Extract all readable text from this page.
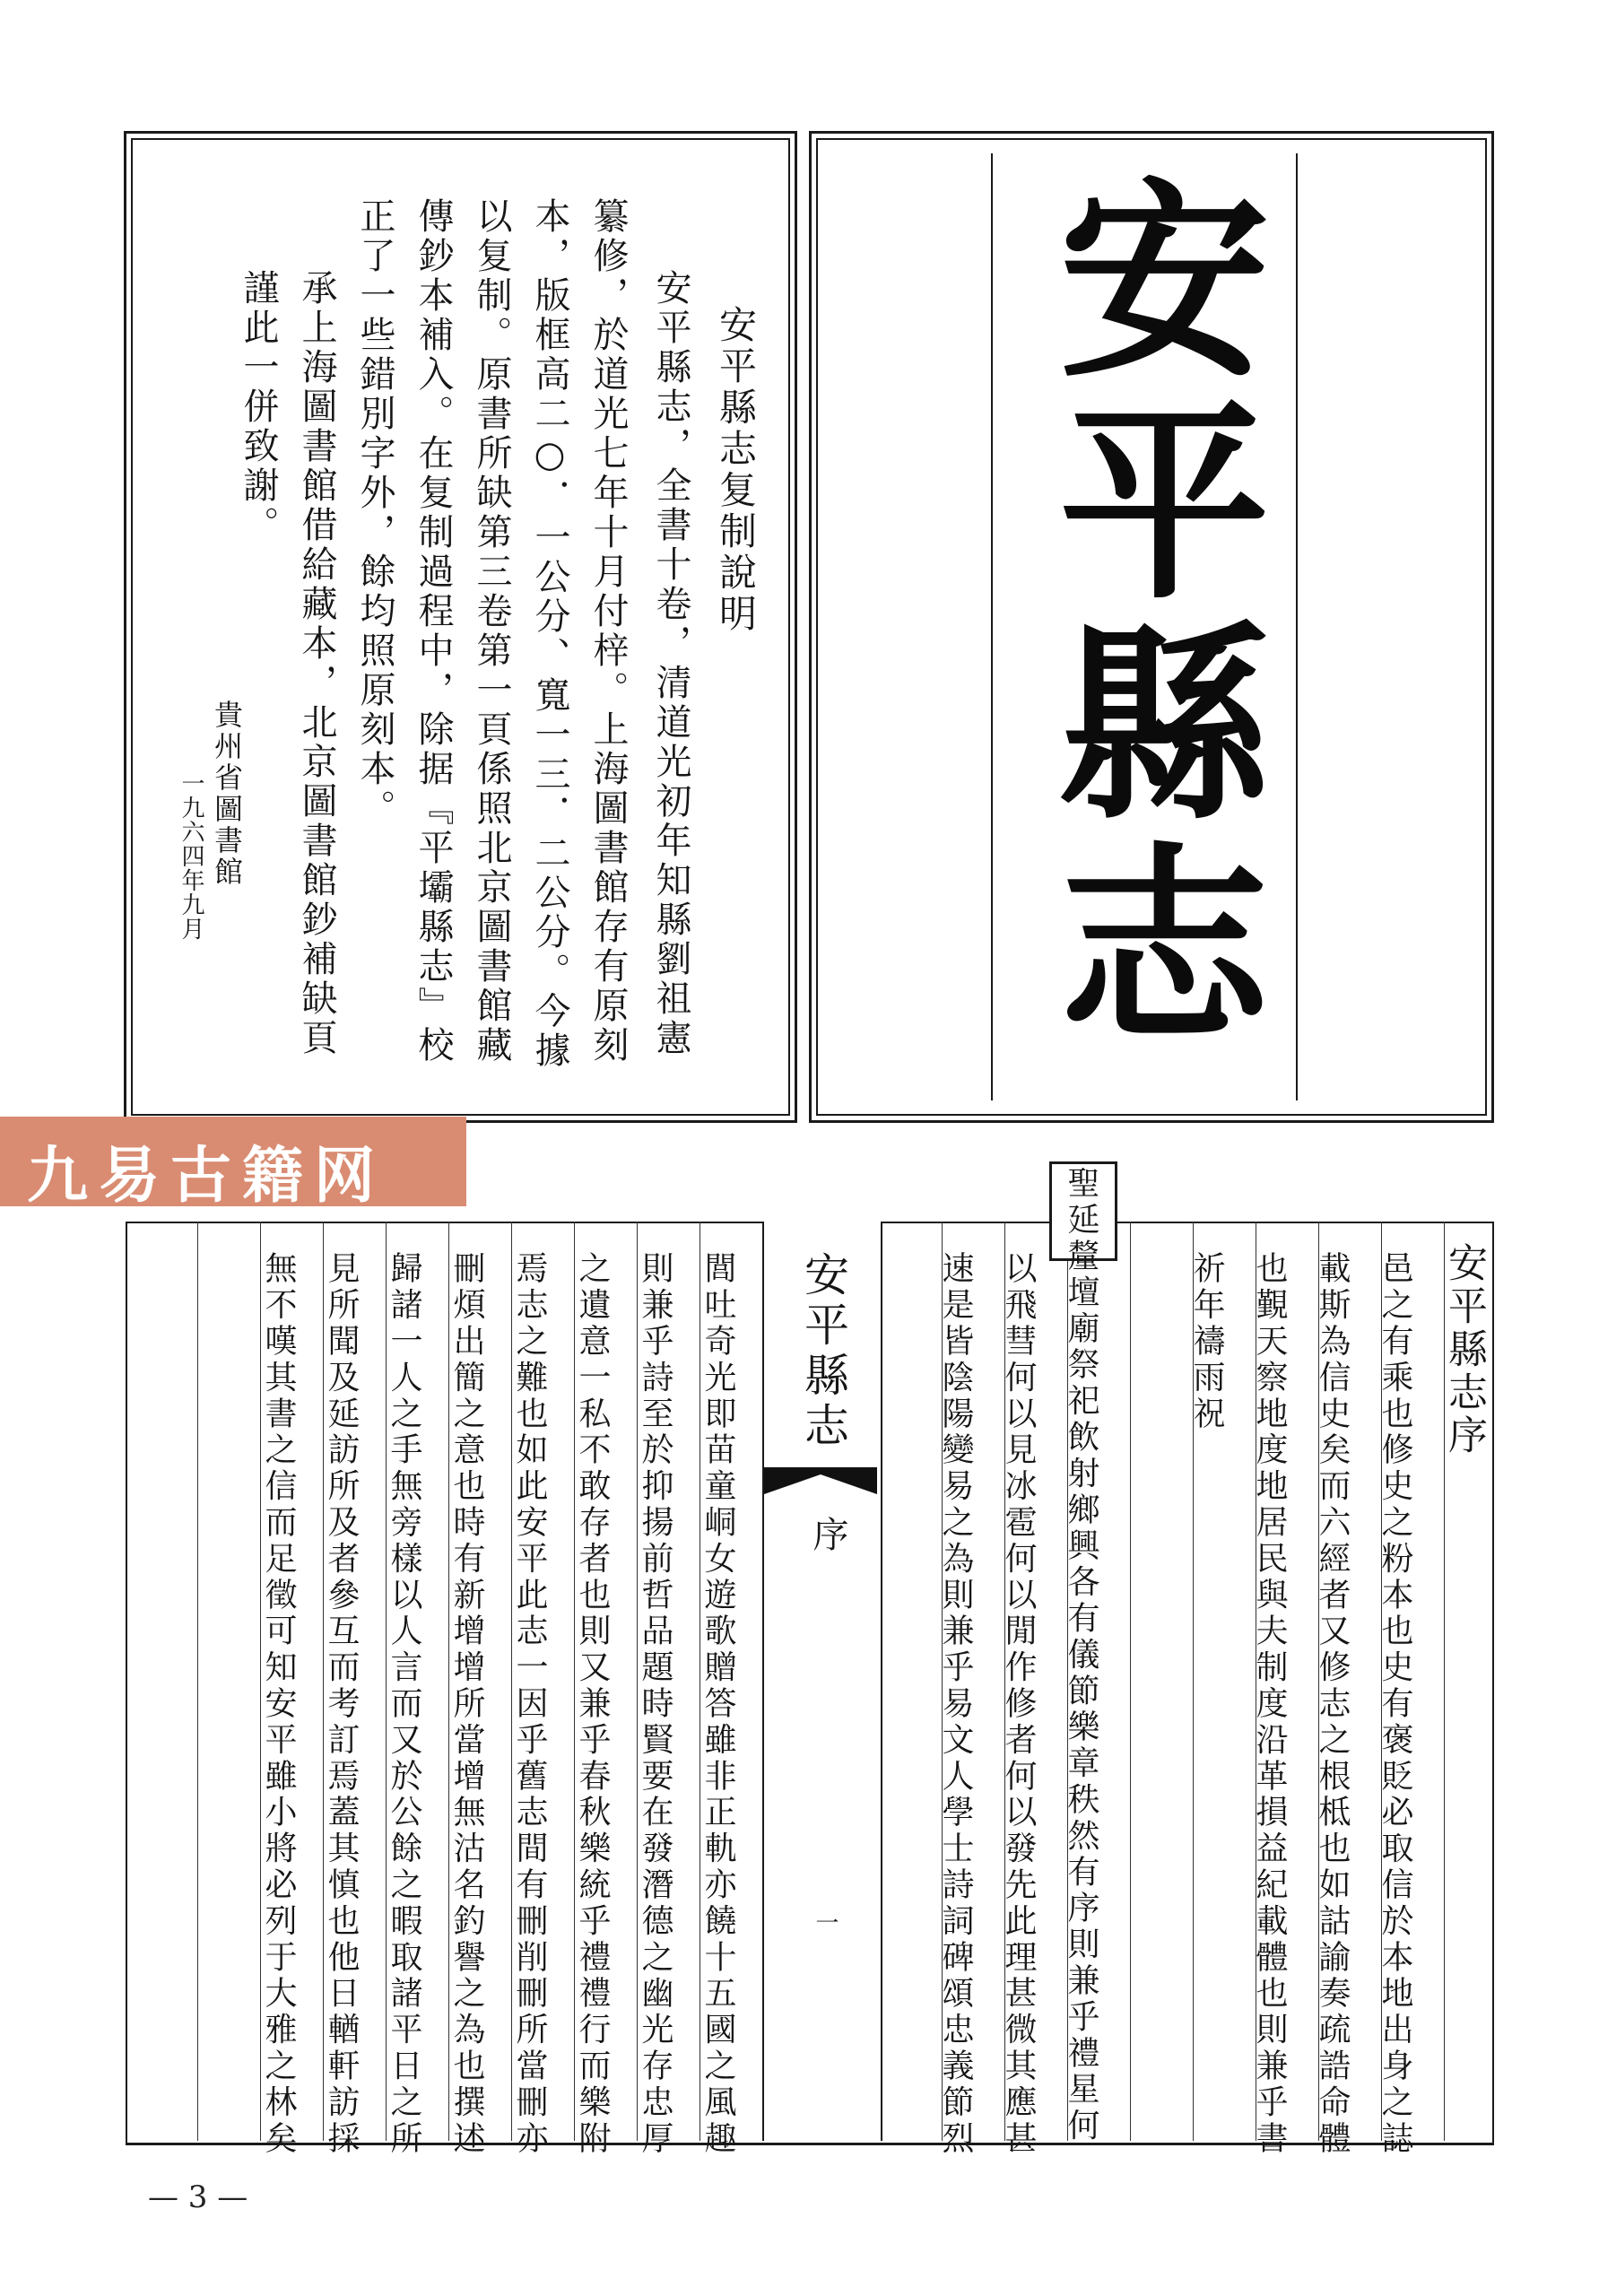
安平縣志复制說明
安平縣志，全書十卷，清道光初年知縣劉祖憲
纂修，於道光七年十月付梓。上海圖書館存有原刻
本，版框高二○．一公分、寬一三．二公分。今據
以复制。原書所缺第三卷第一頁係照北京圖書館藏
傳鈔本補入。在复制過程中，除据『平壩縣志』校
正了一些錯別字外，餘均照原刻本。
承上海圖書館借給藏本，北京圖書館鈔補缺頁
謹此一併致謝。
貴州省圖書館
一九六四年九月	安平縣志
九易古籍网
安平縣志
序
一
安平縣志序
邑之有乘也修史之粉本也史有褒貶必取信於本地出身之誌
載斯為信史矣而六經者又修志之根柢也如詁諭奏疏誥命體
也覲天察地度地居民與夫制度沿革損益紀載體也則兼乎書
祈年禱雨祝
聖延釐壇廟祭祀飲射鄉興各有儀節樂章秩然有序則兼乎禮星何
以飛彗何以見冰雹何以閒作修者何以發先此理甚微其應甚
速是皆陰陽變易之為則兼乎易文人學士詩詞碑頌忠義節烈
閭吐奇光即苗童峒女遊歌贈答雖非正軌亦饒十五國之風趣
則兼乎詩至於抑揚前哲品題時賢要在發潛德之幽光存忠厚
之遺意一私不敢存者也則又兼乎春秋樂統乎禮禮行而樂附
焉志之難也如此安平此志一因乎舊志間有刪削刪所當刪亦
刪煩出簡之意也時有新增增所當增無沽名釣譽之為也撰述
歸諸一人之手無旁樣以人言而又於公餘之暇取諸平日之所
見所聞及延訪所及者參互而考訂焉蓋其慎也他日輶軒訪採
無不嘆其書之信而足徵可知安平雖小將必列于大雅之林矣
— 3 —
